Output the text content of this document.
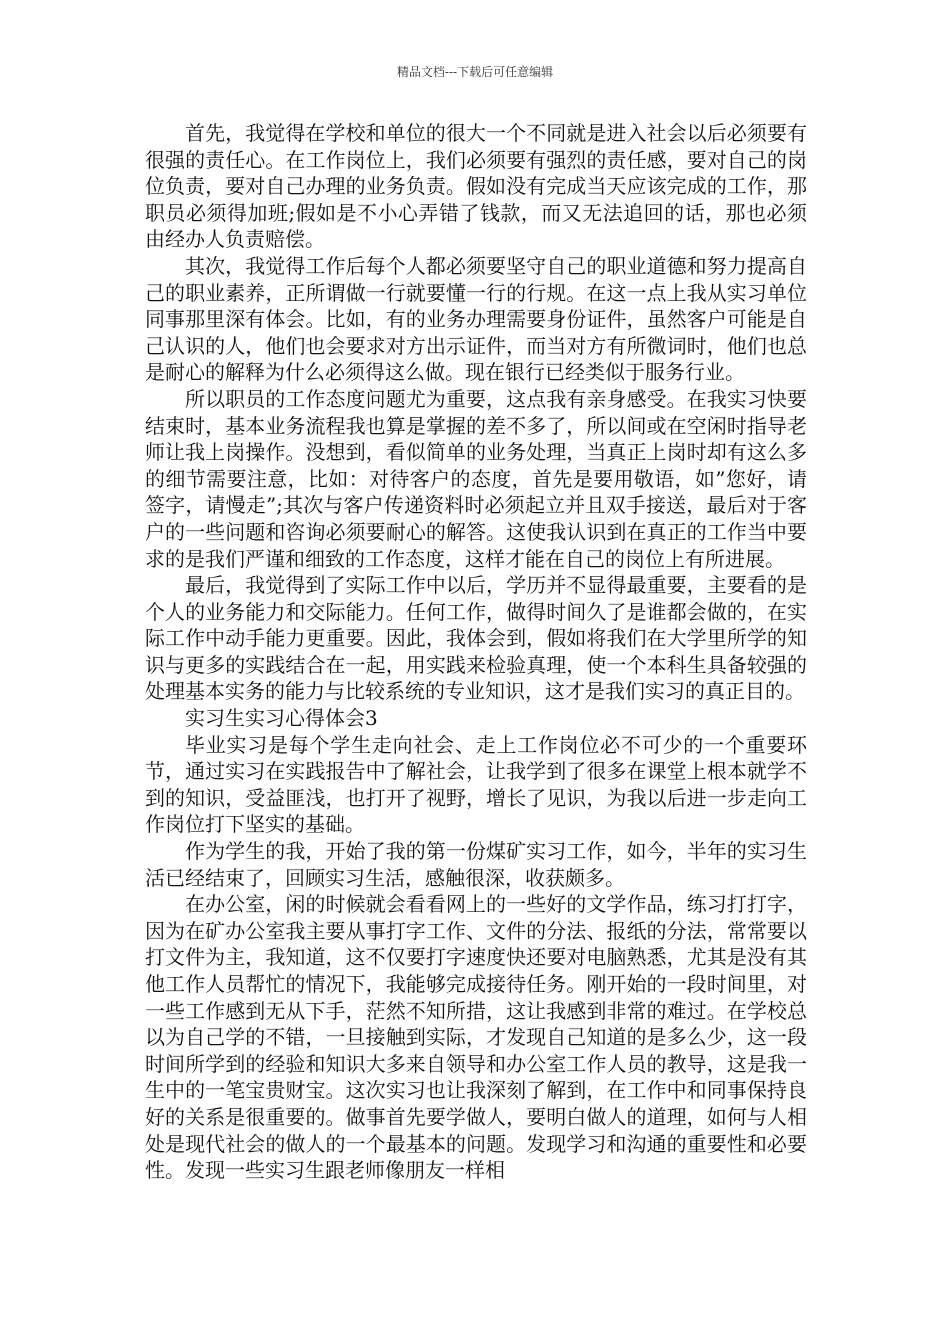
精品文档---下载后可任意编辑

首先，我觉得在学校和单位的很大一个不同就是进入社会以后必须要有很强的责任心。在工作岗位上，我们必须要有强烈的责任感，要对自己的岗位负责，要对自己办理的业务负责。假如没有完成当天应该完成的工作，那职员必须得加班;假如是不小心弄错了钱款，而又无法追回的话，那也必须由经办人负责赔偿。

其次，我觉得工作后每个人都必须要坚守自己的职业道德和努力提高自己的职业素养，正所谓做一行就要懂一行的行规。在这一点上我从实习单位同事那里深有体会。比如，有的业务办理需要身份证件，虽然客户可能是自己认识的人，他们也会要求对方出示证件，而当对方有所微词时，他们也总是耐心的解释为什么必须得这么做。现在银行已经类似于服务行业。

所以职员的工作态度问题尤为重要，这点我有亲身感受。在我实习快要结束时，基本业务流程我也算是掌握的差不多了，所以间或在空闲时指导老师让我上岗操作。没想到，看似简单的业务处理，当真正上岗时却有这么多的细节需要注意，比如：对待客户的态度，首先是要用敬语，如”您好，请签字，请慢走”;其次与客户传递资料时必须起立并且双手接送，最后对于客户的一些问题和咨询必须要耐心的解答。这使我认识到在真正的工作当中要求的是我们严谨和细致的工作态度，这样才能在自己的岗位上有所进展。

最后，我觉得到了实际工作中以后，学历并不显得最重要，主要看的是个人的业务能力和交际能力。任何工作，做得时间久了是谁都会做的，在实际工作中动手能力更重要。因此，我体会到，假如将我们在大学里所学的知识与更多的实践结合在一起，用实践来检验真理，使一个本科生具备较强的处理基本实务的能力与比较系统的专业知识，这才是我们实习的真正目的。

实习生实习心得体会3

毕业实习是每个学生走向社会、走上工作岗位必不可少的一个重要环节，通过实习在实践报告中了解社会，让我学到了很多在课堂上根本就学不到的知识，受益匪浅，也打开了视野，增长了见识，为我以后进一步走向工作岗位打下坚实的基础。

作为学生的我，开始了我的第一份煤矿实习工作，如今，半年的实习生活已经结束了，回顾实习生活，感触很深，收获颇多。

在办公室，闲的时候就会看看网上的一些好的文学作品，练习打打字，因为在矿办公室我主要从事打字工作、文件的分法、报纸的分法，常常要以打文件为主，我知道，这不仅要打字速度快还要对电脑熟悉，尤其是没有其他工作人员帮忙的情况下，我能够完成接待任务。刚开始的一段时间里，对一些工作感到无从下手，茫然不知所措，这让我感到非常的难过。在学校总以为自己学的不错，一旦接触到实际，才发现自己知道的是多么少，这一段时间所学到的经验和知识大多来自领导和办公室工作人员的教导，这是我一生中的一笔宝贵财宝。这次实习也让我深刻了解到，在工作中和同事保持良好的关系是很重要的。做事首先要学做人，要明白做人的道理，如何与人相处是现代社会的做人的一个最基本的问题。发现学习和沟通的重要性和必要性。发现一些实习生跟老师像朋友一样相
